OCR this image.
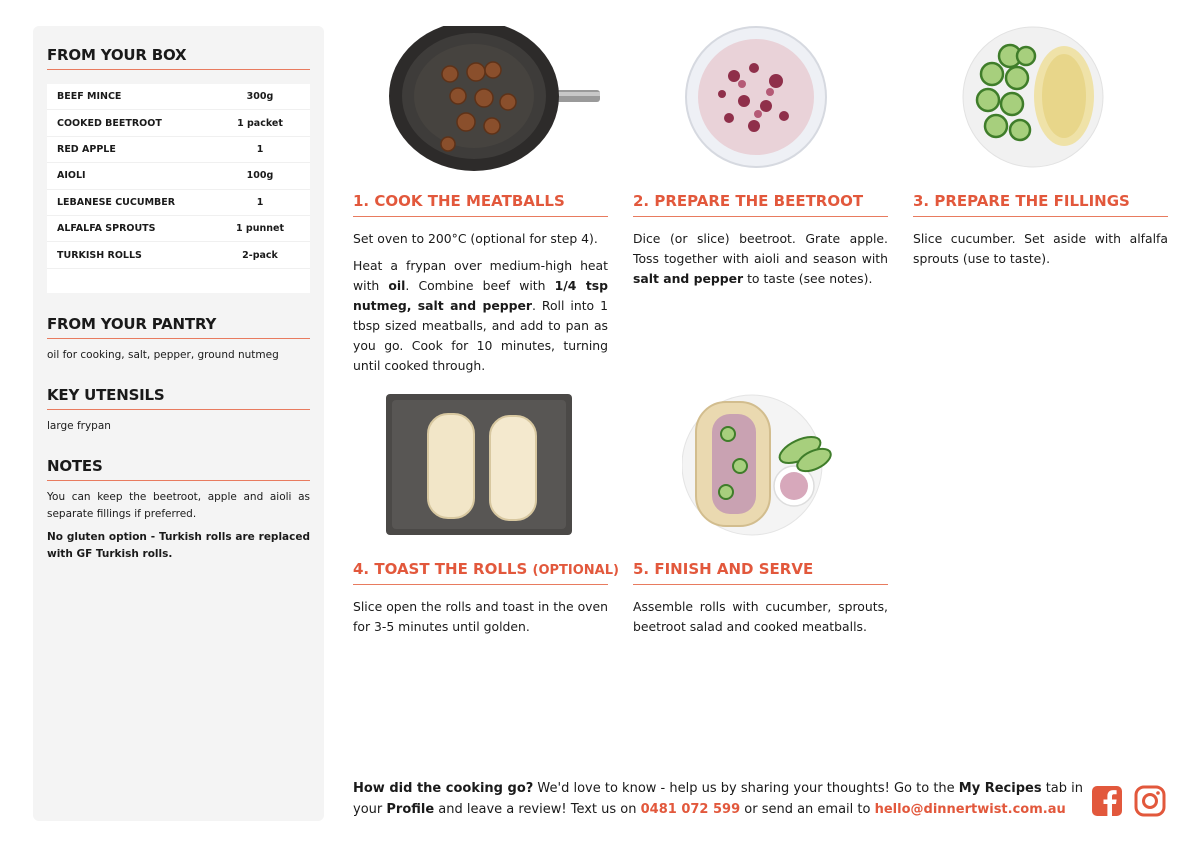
FROM YOUR BOX
BEEF MINCE	300g
COOKED BEETROOT	1 packet
RED APPLE	1
AIOLI	100g
LEBANESE CUCUMBER	1
ALFALFA SPROUTS	1 punnet
TURKISH ROLLS	2-pack
FROM YOUR PANTRY
oil for cooking, salt, pepper, ground nutmeg
KEY UTENSILS
large frypan
NOTES
You can keep the beetroot, apple and aioli as separate fillings if preferred.
No gluten option - Turkish rolls are replaced with GF Turkish rolls.
1. COOK THE MEATBALLS

Set oven to 200°C (optional for step 4).

Heat a frypan over medium-high heat with oil. Combine beef with 1/4 tsp nutmeg, salt and pepper. Roll into 1 tbsp sized meatballs, and add to pan as you go. Cook for 10 minutes, turning until cooked through.

2. PREPARE THE BEETROOT

Dice (or slice) beetroot. Grate apple. Toss together with aioli and season with salt and pepper to taste (see notes).

3. PREPARE THE FILLINGS

Slice cucumber. Set aside with alfalfa sprouts (use to taste).

4. TOAST THE ROLLS (OPTIONAL)

Slice open the rolls and toast in the oven for 3-5 minutes until golden.

5. FINISH AND SERVE

Assemble rolls with cucumber, sprouts, beetroot salad and cooked meatballs.

How did the cooking go? We'd love to know - help us by sharing your thoughts! Go to the My Recipes tab in your Profile and leave a review! Text us on 0481 072 599 or send an email to hello@dinnertwist.com.au
